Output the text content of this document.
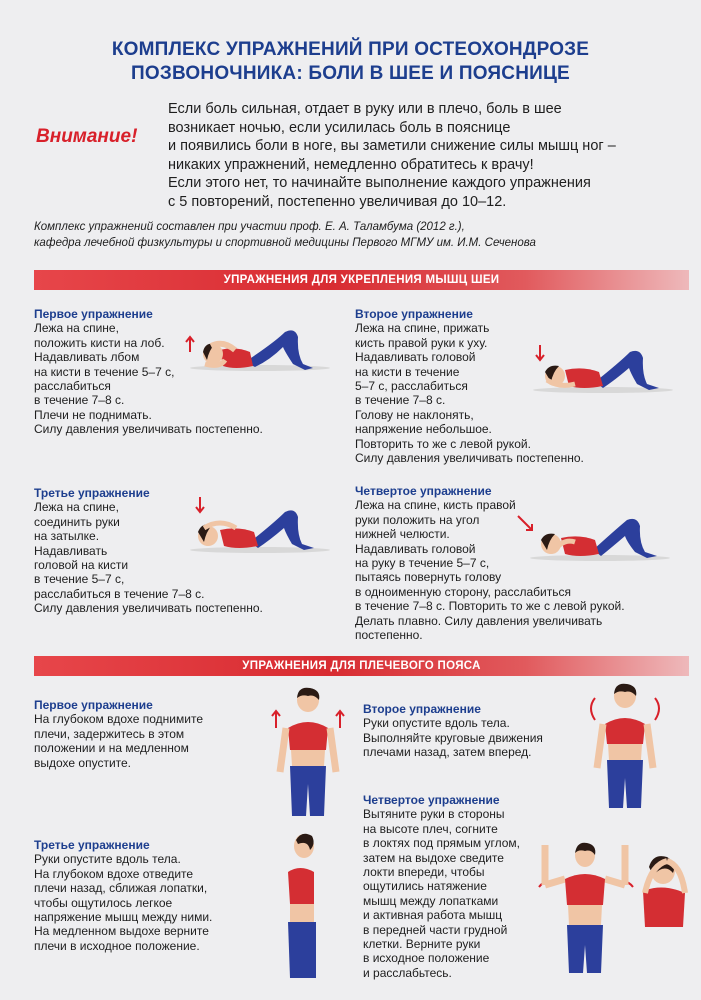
КОМПЛЕКС УПРАЖНЕНИЙ ПРИ ОСТЕОХОНДРОЗЕ
ПОЗВОНОЧНИКА: БОЛИ В ШЕЕ И ПОЯСНИЦЕ
Внимание!
Если боль сильная, отдает в руку или в плечо, боль в шее
возникает ночью, если усилилась боль в пояснице
и появились боли в ноге, вы заметили снижение силы мышц ног –
никаких упражнений, немедленно обратитесь к врачу!
Если этого нет, то начинайте выполнение каждого упражнения
с 5 повторений, постепенно увеличивая до 10–12.
Комплекс упражнений составлен при участии проф. Е. А. Таламбума (2012 г.),
кафедра лечебной физкультуры и спортивной медицины Первого МГМУ им. И.М. Сеченова
УПРАЖНЕНИЯ ДЛЯ УКРЕПЛЕНИЯ МЫШЦ ШЕИ
Первое упражнение
Лежа на спине,
положить кисти на лоб.
Надавливать лбом
на кисти в течение 5–7 с,
расслабиться
в течение 7–8 с.
Плечи не поднимать.
Силу давления увеличивать постепенно.
Второе упражнение
Лежа на спине, прижать
кисть правой руки к уху.
Надавливать головой
на кисти в течение
5–7 с, расслабиться
в течение 7–8 с.
Голову не наклонять,
напряжение небольшое.
Повторить то же с левой рукой.
Силу давления увеличивать постепенно.
Третье упражнение
Лежа на спине,
соединить руки
на затылке.
Надавливать
головой на кисти
в течение 5–7 с,
расслабиться в течение 7–8 с.
Силу давления увеличивать постепенно.
Четвертое упражнение
Лежа на спине, кисть правой
руки положить на угол
нижней челюсти.
Надавливать головой
на руку в течение 5–7 с,
пытаясь повернуть голову
в одноименную сторону, расслабиться
в течение 7–8 с. Повторить то же с левой рукой.
Делать плавно. Силу давления увеличивать
постепенно.
УПРАЖНЕНИЯ ДЛЯ ПЛЕЧЕВОГО ПОЯСА
Первое упражнение
На глубоком вдохе поднимите
плечи, задержитесь в этом
положении и на медленном
выдохе опустите.
Второе упражнение
Руки опустите вдоль тела.
Выполняйте круговые движения
плечами назад, затем вперед.
Третье упражнение
Руки опустите вдоль тела.
На глубоком вдохе отведите
плечи назад, сближая лопатки,
чтобы ощутилось легкое
напряжение мышц между ними.
На медленном выдохе верните
плечи в исходное положение.
Четвертое упражнение
Вытяните руки в стороны
на высоте плеч, согните
в локтях под прямым углом,
затем на выдохе сведите
локти впереди, чтобы
ощутились натяжение
мышц между лопатками
и активная работа мышц
в передней части грудной
клетки. Верните руки
в исходное положение
и расслабьтесь.
